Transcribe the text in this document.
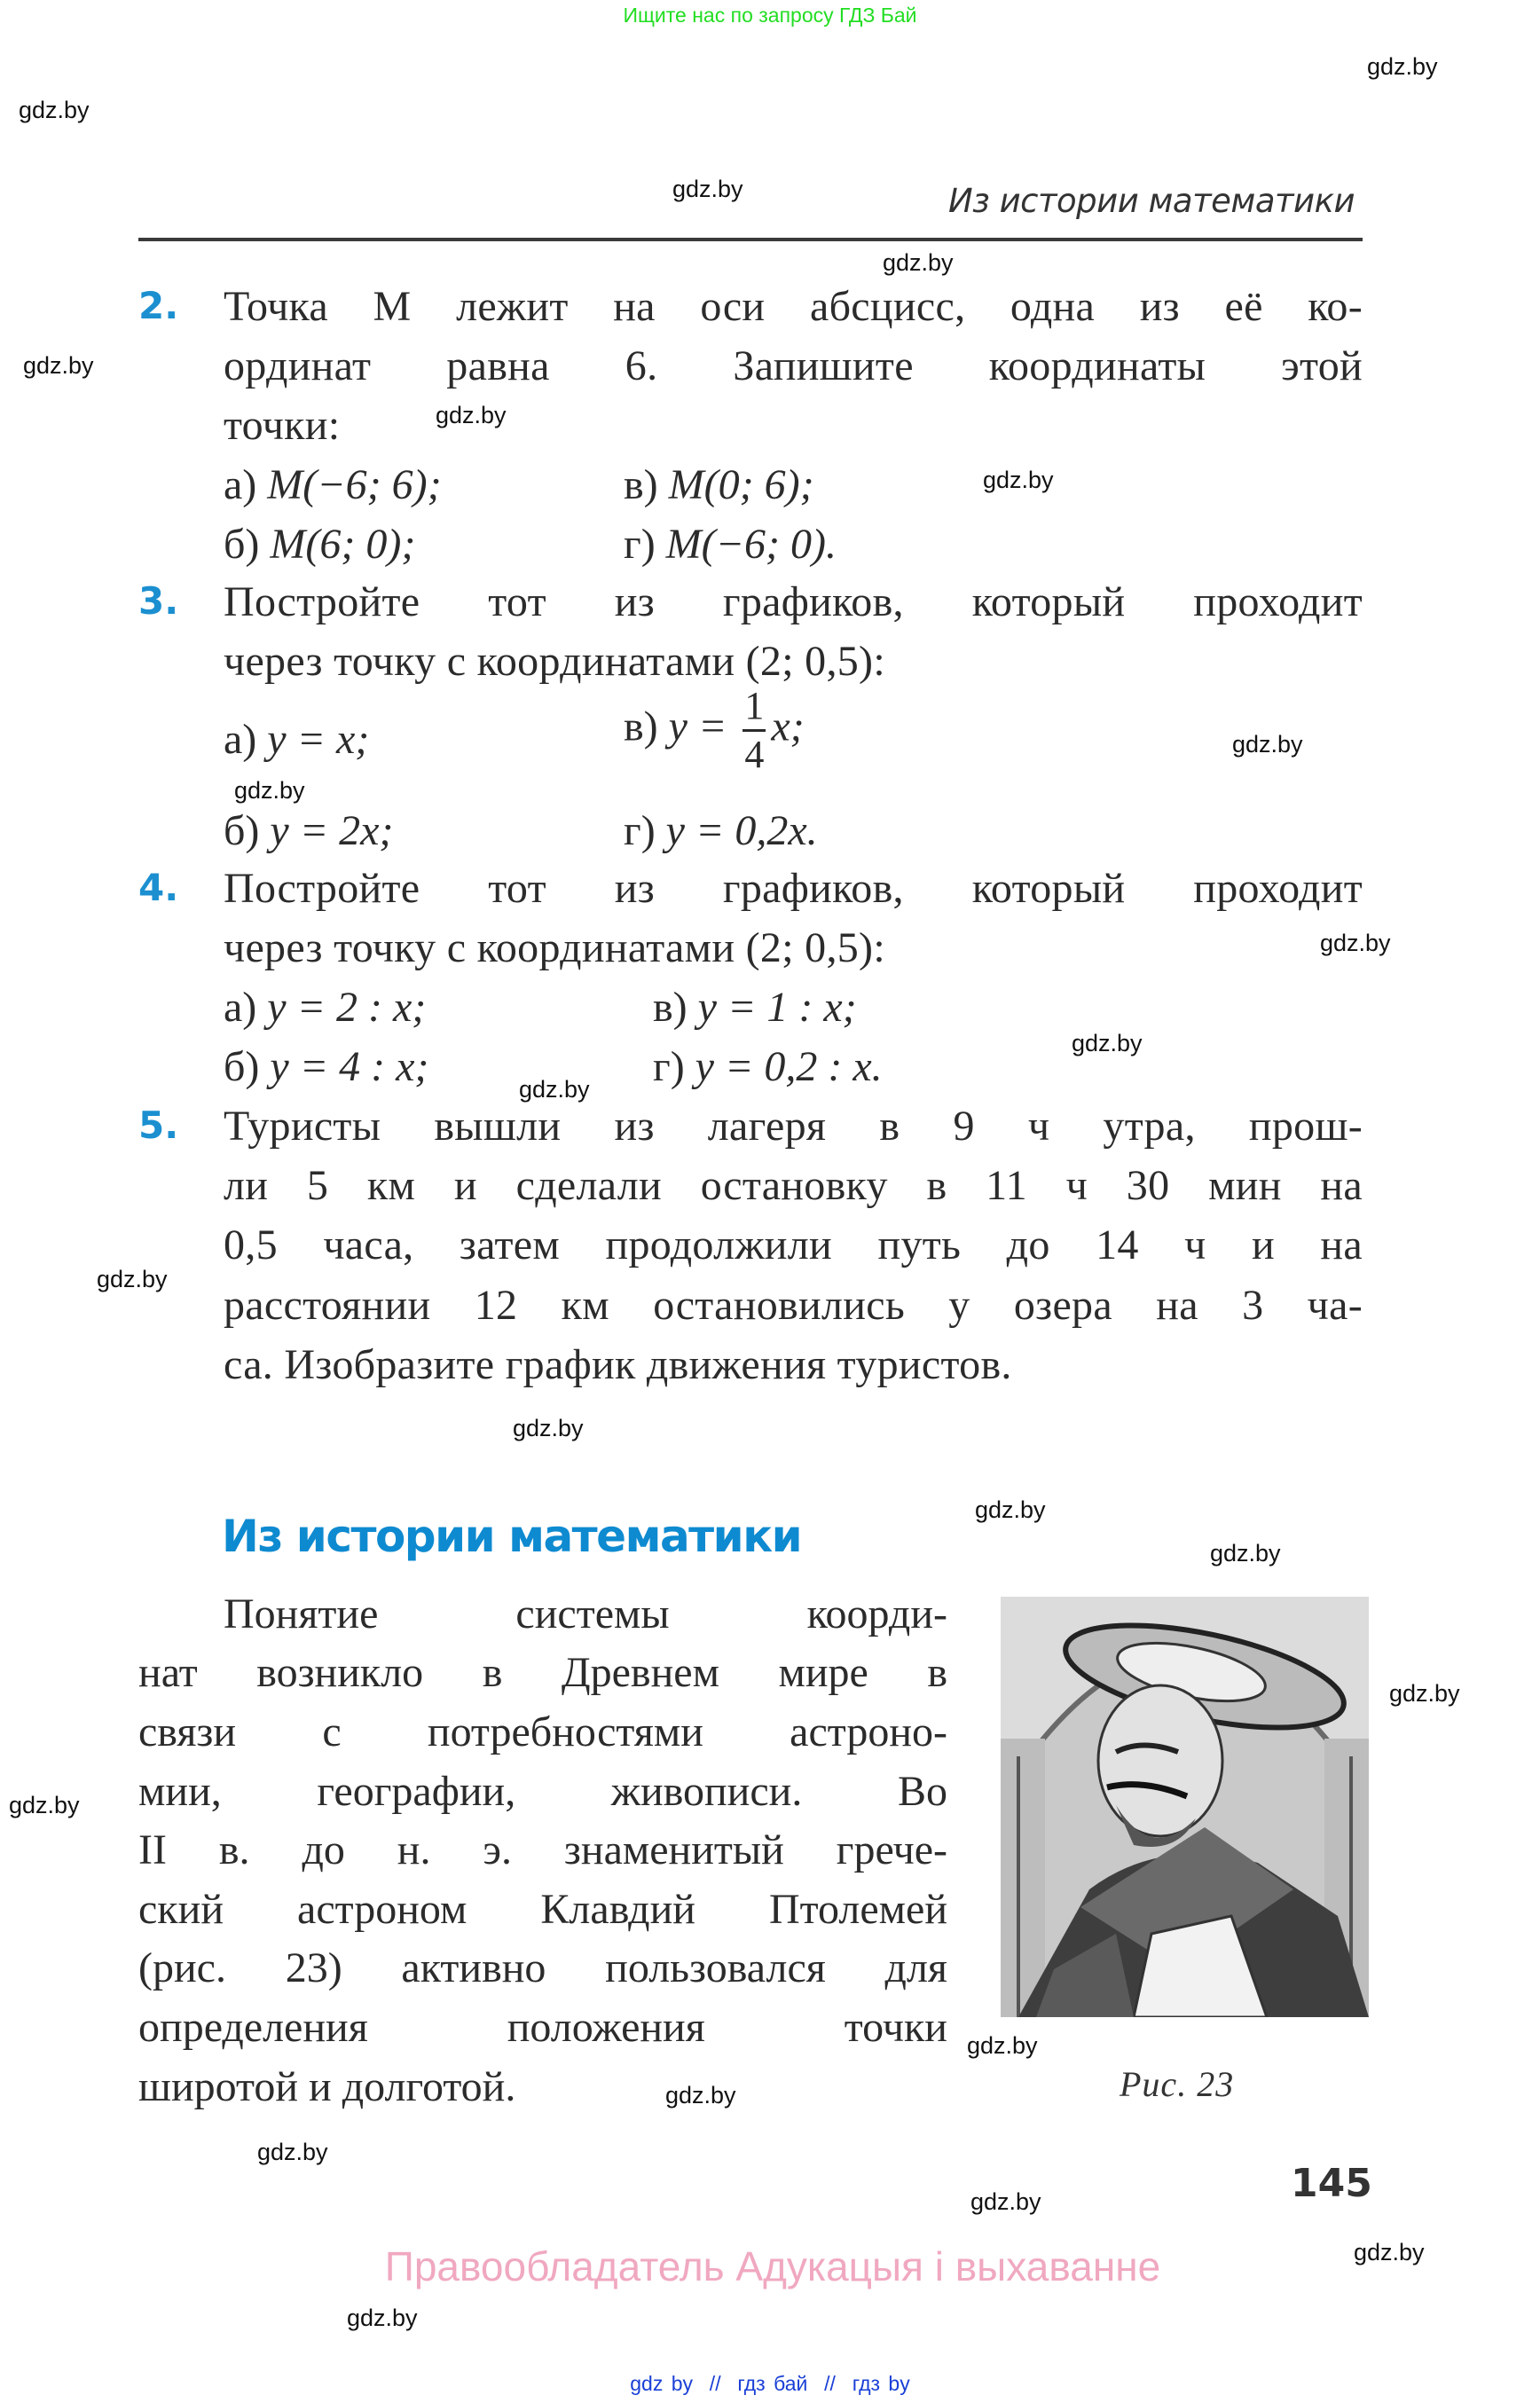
Ищите нас по запросу ГДЗ Бай
gdz.by
gdz.by
gdz.by
gdz.by
gdz.by
gdz.by
gdz.by
gdz.by
gdz.by
gdz.by
gdz.by
gdz.by
gdz.by
gdz.by
gdz.by
gdz.by
gdz.by
gdz.by
gdz.by
gdz.by
gdz.by
gdz.by
gdz.by
gdz.by
Из истории математики
2. Точка M лежит на оси абсцисс, одна из её ко-
ординат равна 6. Запишите координаты этой
точки:
а) M(−6; 6);	в) M(0; 6);
б) M(6; 0);	г) M(−6; 0).
3. Постройте тот из графиков, который проходит
через точку с координатами (2; 0,5):
а) y = x;	в) $y = \frac{1}{4} x$;
б) y = 2x;	г) y = 0,2x.
4. Постройте тот из графиков, который проходит
через точку с координатами (2; 0,5):
а) y = 2 : x;	в) y = 1 : x;
б) y = 4 : x;	г) y = 0,2 : x.
5. Туристы вышли из лагеря в 9 ч утра, прош-
ли 5 км и сделали остановку в 11 ч 30 мин на
0,5 часа, затем продолжили путь до 14 ч и на
расстоянии 12 км остановились у озера на 3 ча-
са. Изобразите график движения туристов.
Из истории математики
Понятие системы коорди-
нат возникло в Древнем мире в
связи с потребностями астроно-
мии, географии, живописи. Во
II в. до н. э. знаменитый грече-
ский астроном Клавдий Птолемей
(рис. 23) активно пользовался для
определения положения точки
широтой и долготой.	Рис. 23
145
Правообладатель Адукацыя і выхаванне
gdz by  //  гдз бай  //  гдз by
